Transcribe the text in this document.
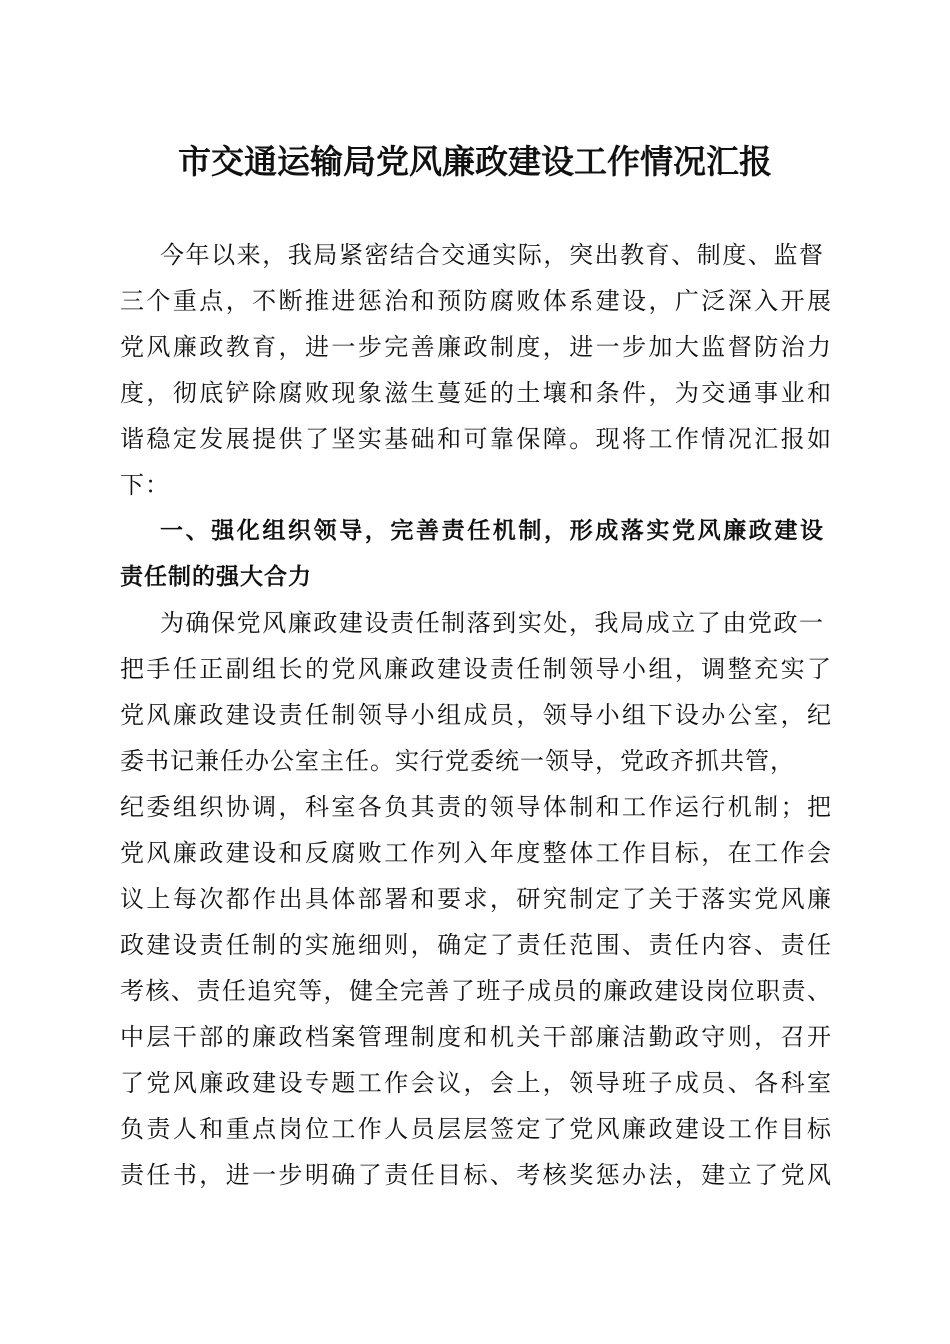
市交通运输局党风廉政建设工作情况汇报
今年以来，我局紧密结合交通实际，突出教育、制度、监督
三个重点，不断推进惩治和预防腐败体系建设，广泛深入开展
党风廉政教育，进一步完善廉政制度，进一步加大监督防治力
度，彻底铲除腐败现象滋生蔓延的土壤和条件，为交通事业和
谐稳定发展提供了坚实基础和可靠保障。现将工作情况汇报如
下：
一、强化组织领导，完善责任机制，形成落实党风廉政建设
责任制的强大合力
为确保党风廉政建设责任制落到实处，我局成立了由党政一
把手任正副组长的党风廉政建设责任制领导小组，调整充实了
党风廉政建设责任制领导小组成员，领导小组下设办公室，纪
委书记兼任办公室主任。实行党委统一领导，党政齐抓共管，
纪委组织协调，科室各负其责的领导体制和工作运行机制；把
党风廉政建设和反腐败工作列入年度整体工作目标，在工作会
议上每次都作出具体部署和要求，研究制定了关于落实党风廉
政建设责任制的实施细则，确定了责任范围、责任内容、责任
考核、责任追究等，健全完善了班子成员的廉政建设岗位职责、
中层干部的廉政档案管理制度和机关干部廉洁勤政守则，召开
了党风廉政建设专题工作会议，会上，领导班子成员、各科室
负责人和重点岗位工作人员层层签定了党风廉政建设工作目标
责任书，进一步明确了责任目标、考核奖惩办法，建立了党风
